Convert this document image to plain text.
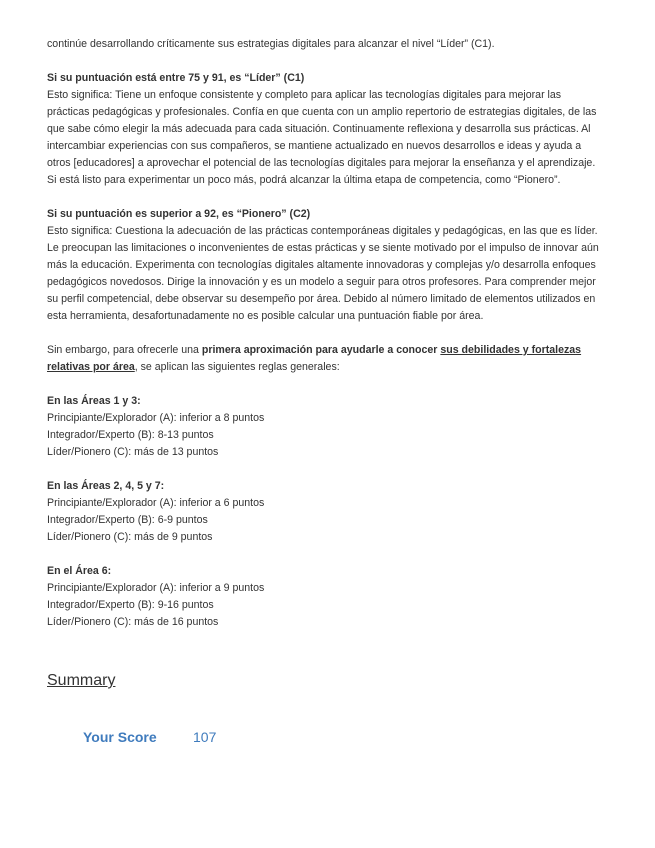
continúe desarrollando críticamente sus estrategias digitales para alcanzar el nivel “Líder” (C1).

Si su puntuación está entre 75 y 91, es “Líder” (C1)

Esto significa: Tiene un enfoque consistente y completo para aplicar las tecnologías digitales para mejorar las

prácticas pedagógicas y profesionales. Confía en que cuenta con un amplio repertorio de estrategias digitales, de las

que sabe cómo elegir la más adecuada para cada situación. Continuamente reflexiona y desarrolla sus prácticas. Al

intercambiar experiencias con sus compañeros, se mantiene actualizado en nuevos desarrollos e ideas y ayuda a

otros [educadores] a aprovechar el potencial de las tecnologías digitales para mejorar la enseñanza y el aprendizaje.

Si está listo para experimentar un poco más, podrá alcanzar la última etapa de competencia, como “Pionero”.

Si su puntuación es superior a 92, es “Pionero” (C2)

Esto significa: Cuestiona la adecuación de las prácticas contemporáneas digitales y pedagógicas, en las que es líder.

Le preocupan las limitaciones o inconvenientes de estas prácticas y se siente motivado por el impulso de innovar aún

más la educación. Experimenta con tecnologías digitales altamente innovadoras y complejas y/o desarrolla enfoques

pedagógicos novedosos. Dirige la innovación y es un modelo a seguir para otros profesores. Para comprender mejor

su perfil competencial, debe observar su desempeño por área. Debido al número limitado de elementos utilizados en

esta herramienta, desafortunadamente no es posible calcular una puntuación fiable por área.

Sin embargo, para ofrecerle una primera aproximación para ayudarle a conocer sus debilidades y fortalezas

relativas por área, se aplican las siguientes reglas generales:

En las Áreas 1 y 3:

Principiante/Explorador (A): inferior a 8 puntos

Integrador/Experto (B): 8-13 puntos

Líder/Pionero (C): más de 13 puntos

En las Áreas 2, 4, 5 y 7:

Principiante/Explorador (A): inferior a 6 puntos

Integrador/Experto (B): 6-9 puntos

Líder/Pionero (C): más de 9 puntos

En el Área 6:

Principiante/Explorador (A): inferior a 9 puntos

Integrador/Experto (B): 9-16 puntos

Líder/Pionero (C): más de 16 puntos

Summary
Your Score	107
